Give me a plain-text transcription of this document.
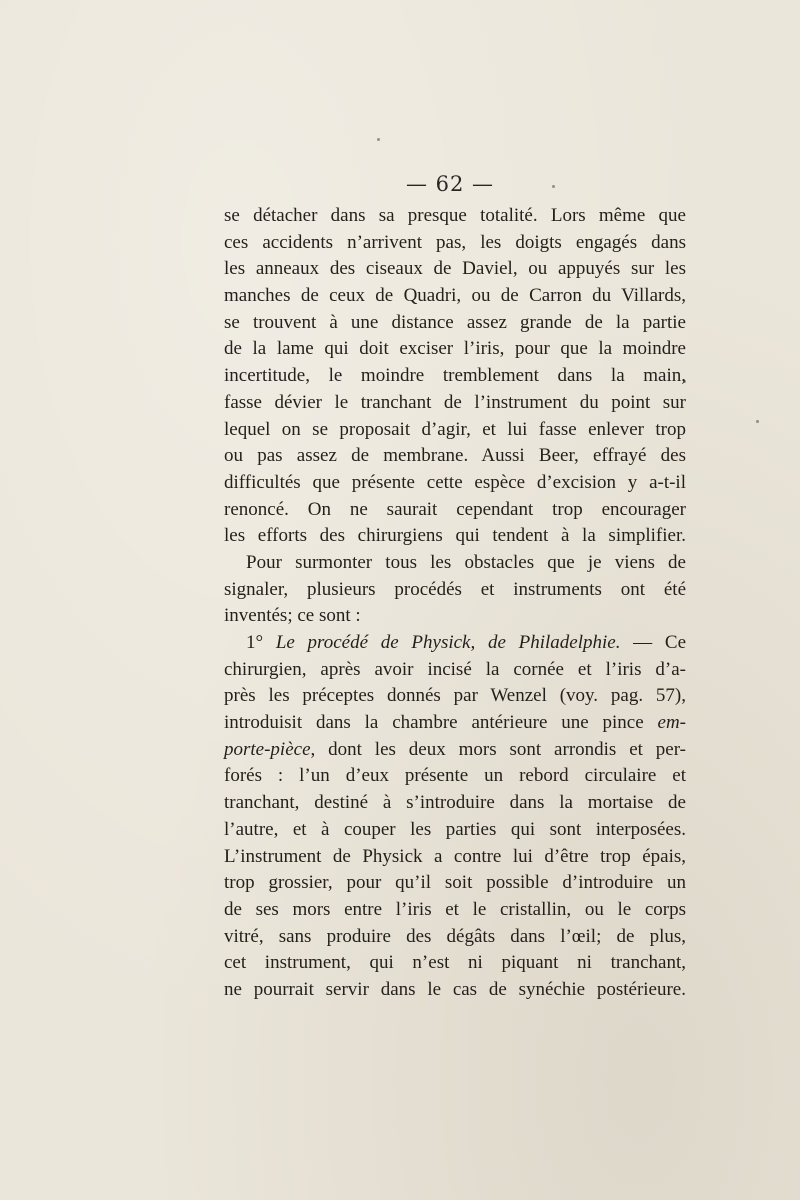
— 62 —
se détacher dans sa presque totalité. Lors même que
ces accidents n’arrivent pas, les doigts engagés dans
les anneaux des ciseaux de Daviel, ou appuyés sur les
manches de ceux de Quadri, ou de Carron du Villards,
se trouvent à une distance assez grande de la partie
de la lame qui doit exciser l’iris, pour que la moindre
incertitude, le moindre tremblement dans la main,
fasse dévier le tranchant de l’instrument du point sur
lequel on se proposait d’agir, et lui fasse enlever trop
ou pas assez de membrane. Aussi Beer, effrayé des
difficultés que présente cette espèce d’excision y a-t-il
renoncé. On ne saurait cependant trop encourager
les efforts des chirurgiens qui tendent à la simplifier.
Pour surmonter tous les obstacles que je viens de
signaler, plusieurs procédés et instruments ont été
inventés; ce sont :
1° Le procédé de Physick, de Philadelphie. — Ce
chirurgien, après avoir incisé la cornée et l’iris d’a-
près les préceptes donnés par Wenzel (voy. pag. 57),
introduisit dans la chambre antérieure une pince em-
porte-pièce, dont les deux mors sont arrondis et per-
forés : l’un d’eux présente un rebord circulaire et
tranchant, destiné à s’introduire dans la mortaise de
l’autre, et à couper les parties qui sont interposées.
L’instrument de Physick a contre lui d’être trop épais,
trop grossier, pour qu’il soit possible d’introduire un
de ses mors entre l’iris et le cristallin, ou le corps
vitré, sans produire des dégâts dans l’œil; de plus,
cet instrument, qui n’est ni piquant ni tranchant,
ne pourrait servir dans le cas de synéchie postérieure.
